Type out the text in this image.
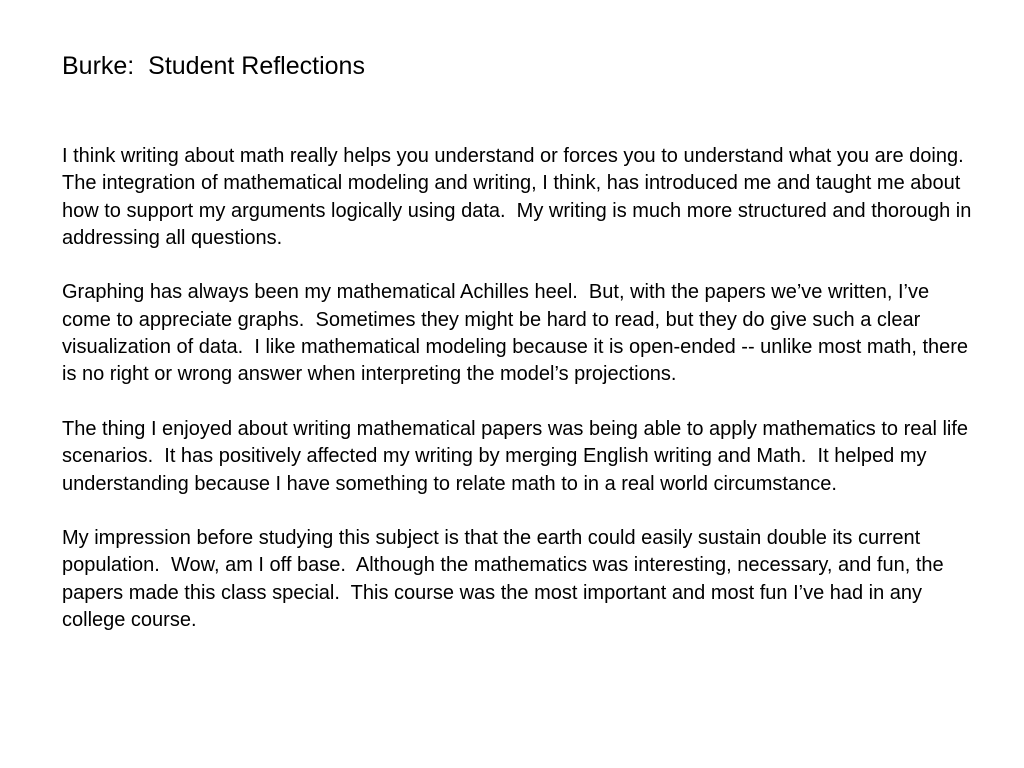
Burke:  Student Reflections

I think writing about math really helps you understand or forces you to understand what you are doing.  The integration of mathematical modeling and writing, I think, has introduced me and taught me about how to support my arguments logically using data.  My writing is much more structured and thorough in addressing all questions.

Graphing has always been my mathematical Achilles heel.  But, with the papers we’ve written, I’ve come to appreciate graphs.  Sometimes they might be hard to read, but they do give such a clear visualization of data.  I like mathematical modeling because it is open-ended -- unlike most math, there is no right or wrong answer when interpreting the model’s projections.

The thing I enjoyed about writing mathematical papers was being able to apply mathematics to real life scenarios.  It has positively affected my writing by merging English writing and Math.  It helped my understanding because I have something to relate math to in a real world circumstance.

My impression before studying this subject is that the earth could easily sustain double its current population.  Wow, am I off base.  Although the mathematics was interesting, necessary, and fun, the papers made this class special.  This course was the most important and most fun I’ve had in any college course.
